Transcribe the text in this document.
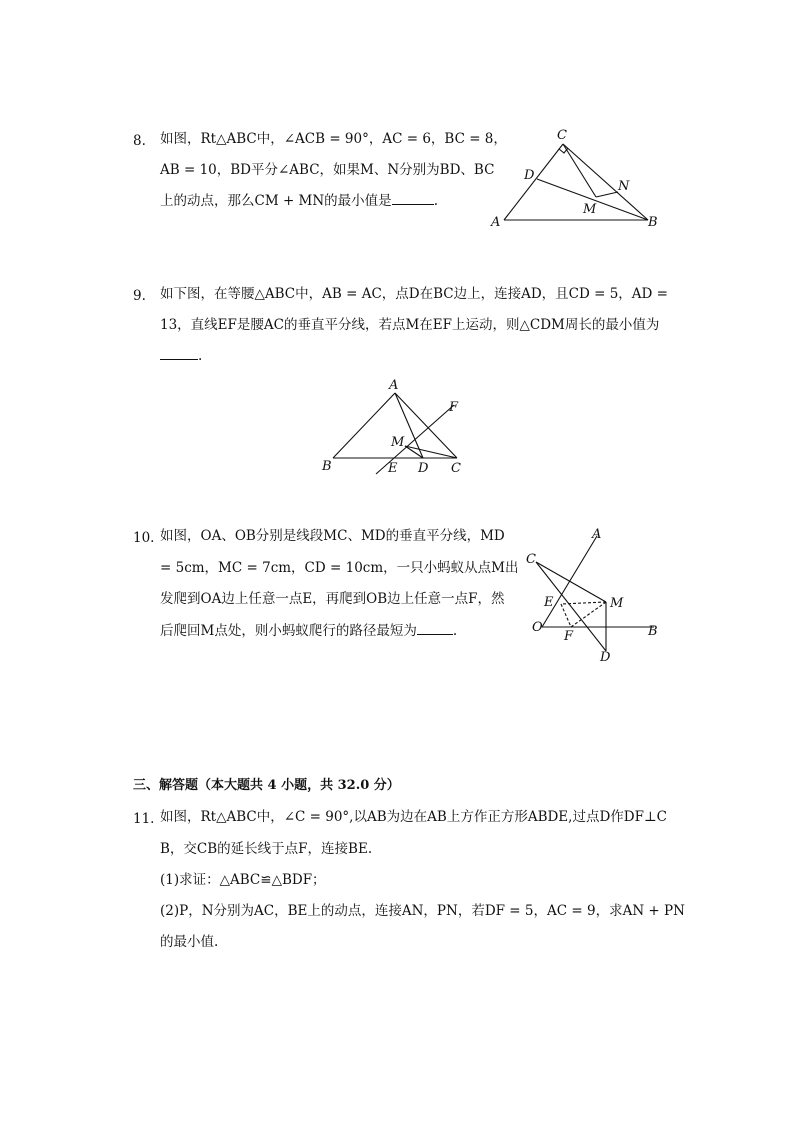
8. 如图，Rt△ABC中，∠ACB = 90°，AC = 6，BC = 8，
AB = 10，BD平分∠ABC，如果M、N分别为BD、BC
上的动点，那么CM + MN的最小值是	.
C
D
N
M
A	B
9. 如下图，在等腰△ABC中，AB = AC，点D在BC边上，连接AD，且CD = 5，AD =
13，直线EF是腰AC的垂直平分线，若点M在EF上运动，则△CDM周长的最小值为
.
A
F
M
B	E D C
10. 如图，OA、OB分别是线段MC、MD的垂直平分线，MD
= 5cm，MC = 7cm，CD = 10cm，一只小蚂蚁从点M出
发爬到OA边上任意一点E，再爬到OB边上任意一点F，然
后爬回M点处，则小蚂蚁爬行的路径最短为	.
A
C
E	M
O
F	B
D
三、解答题（本大题共 4 小题，共 32.0 分）
11. 如图，Rt△ABC中，∠C = 90°,以AB为边在AB上方作正方形ABDE,过点D作DF⊥C
B，交CB的延长线于点F，连接BE.
(1)求证：△ABC≌△BDF；
(2)P，N分别为AC，BE上的动点，连接AN，PN，若DF = 5，AC = 9，求AN + PN
的最小值.
